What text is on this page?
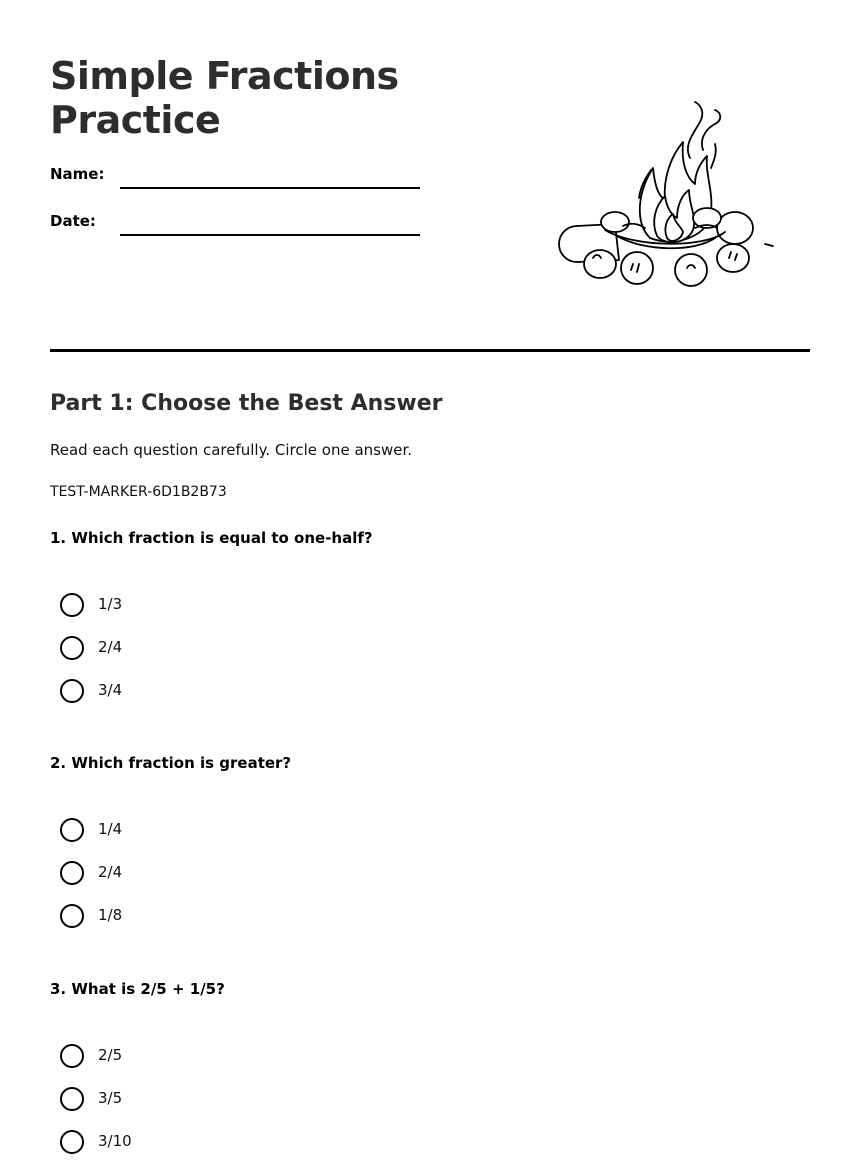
Simple Fractions
Practice
Name:
Date:
Part 1: Choose the Best Answer
Read each question carefully. Circle one answer.
TEST-MARKER-6D1B2B73

1. Which fraction is equal to one-half?

1/3
2/4
3/4

2. Which fraction is greater?

1/4
2/4
1/8

3. What is 2/5 + 1/5?

2/5
3/5
3/10
